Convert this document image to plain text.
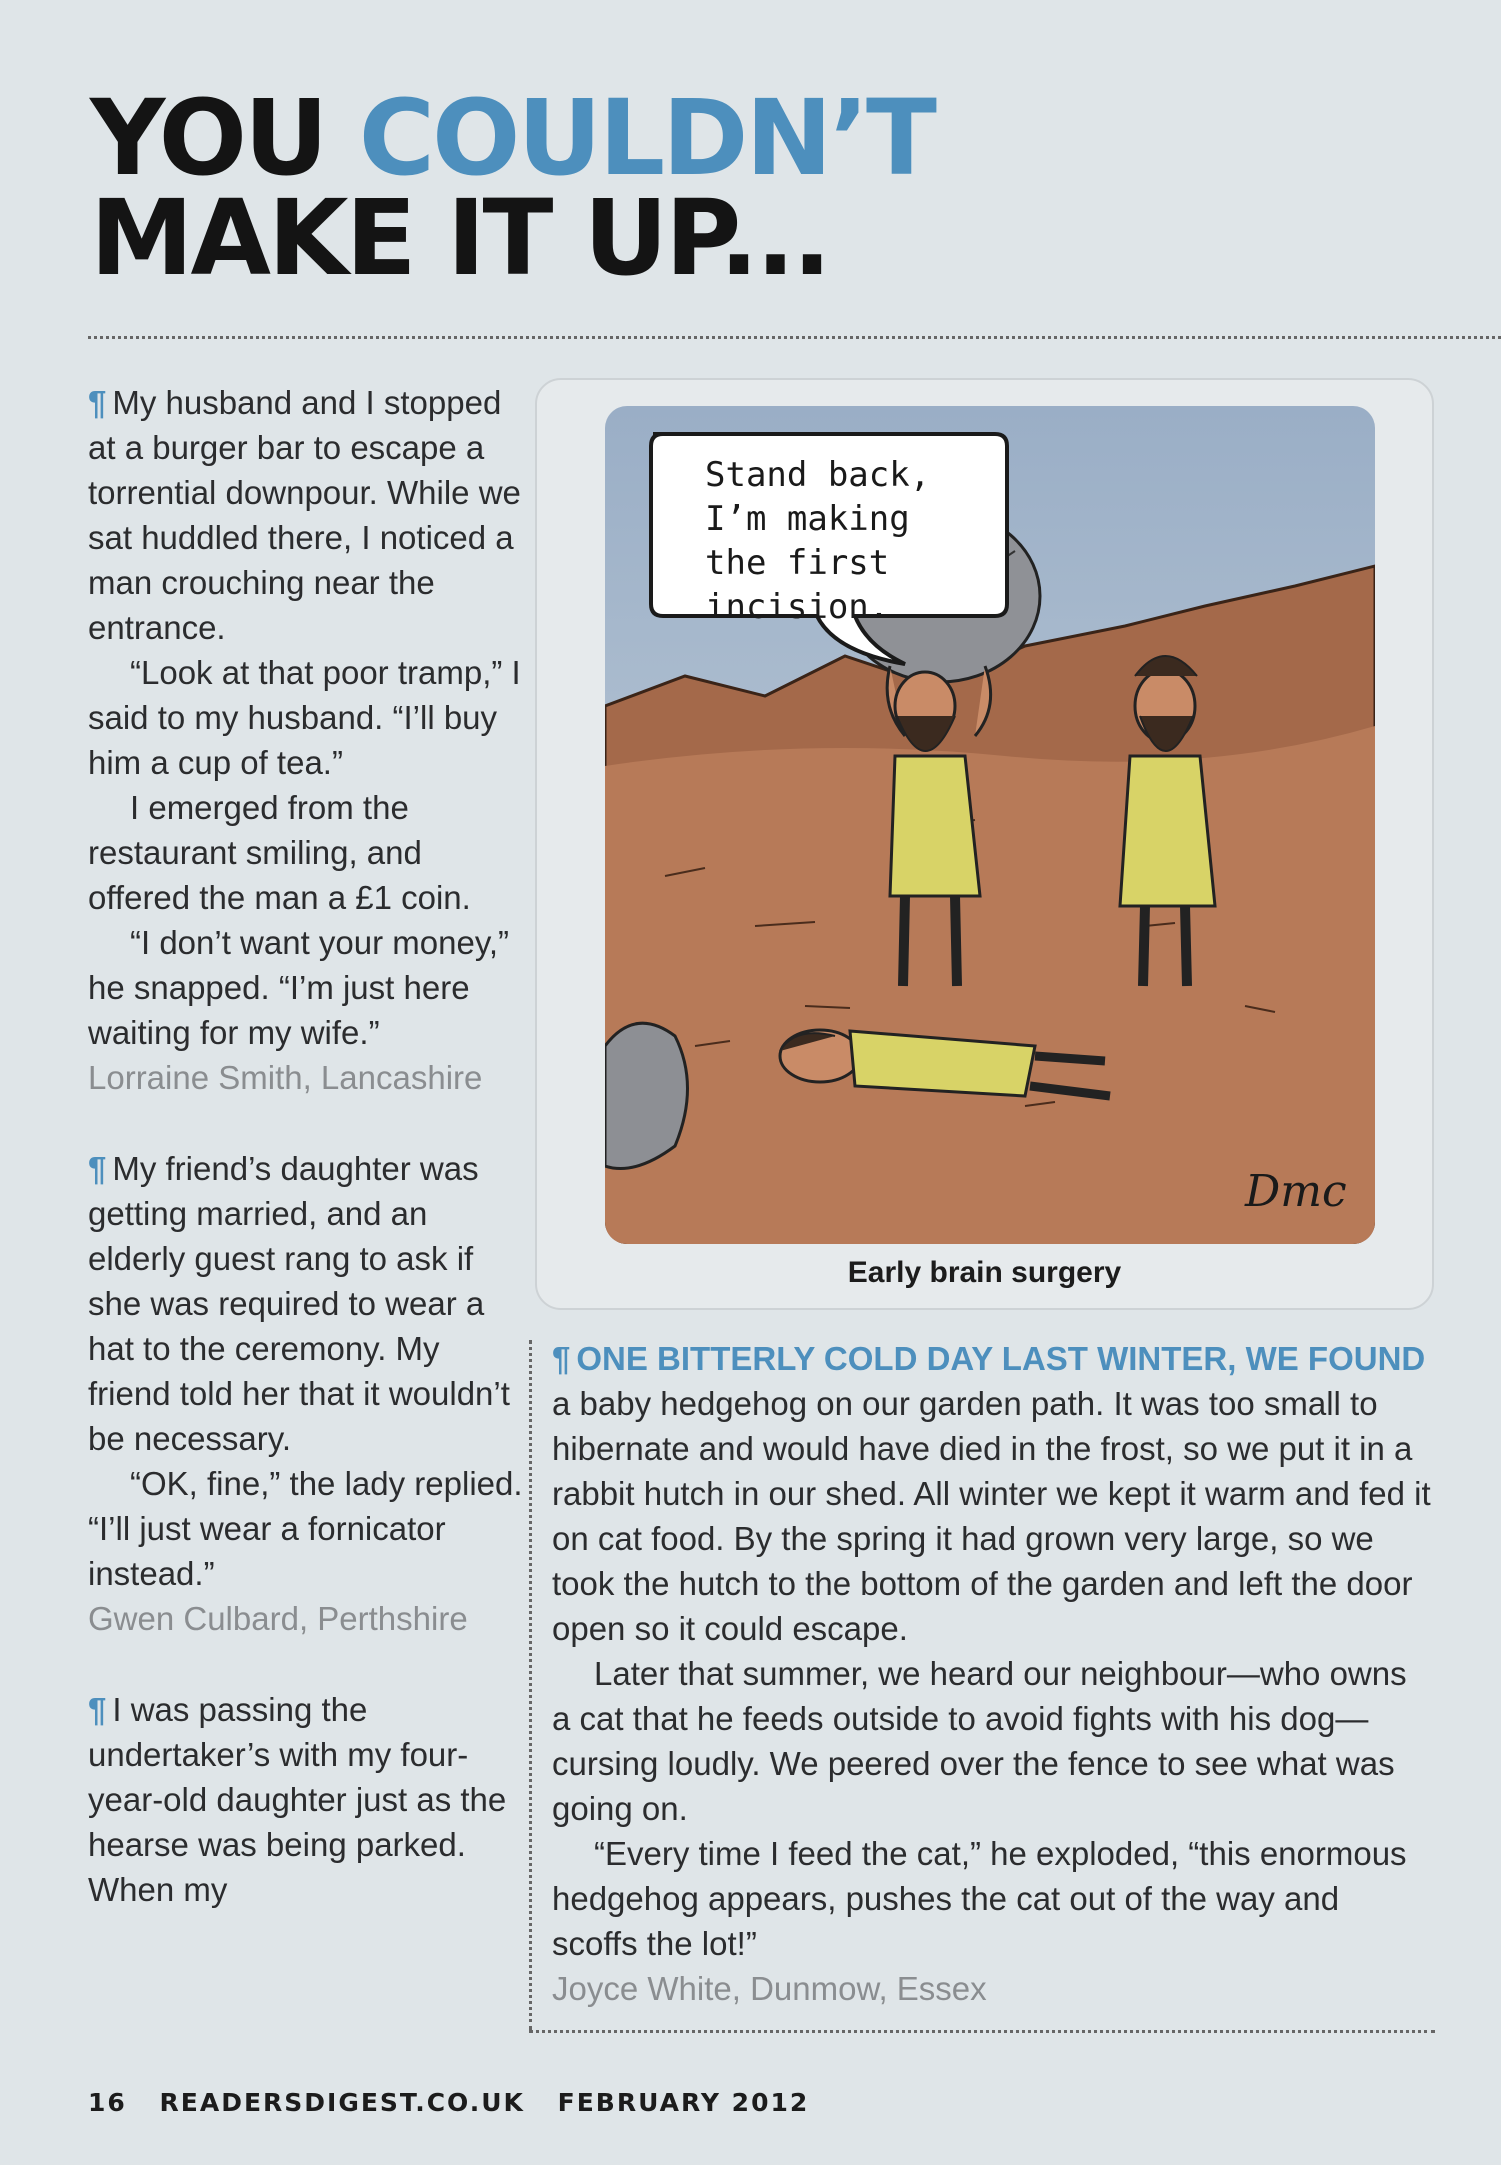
YOU COULDN’T
MAKE IT UP...

¶ My husband and I stopped at a burger bar to escape a torrential downpour. While we sat huddled there, I noticed a man crouching near the entrance.

“Look at that poor tramp,” I said to my husband. “I’ll buy him a cup of tea.”

I emerged from the restaurant smiling, and offered the man a £1 coin.

“I don’t want your money,” he snapped. “I’m just here waiting for my wife.”

Lorraine Smith, Lancashire

¶ My friend’s daughter was getting married, and an elderly guest rang to ask if she was required to wear a hat to the ceremony. My friend told her that it wouldn’t be necessary.

“OK, fine,” the lady replied. “I’ll just wear a fornicator instead.”

Gwen Culbard, Perthshire

¶ I was passing the undertaker’s with my four-year-old daughter just as the hearse was being parked. When my

Stand back,
I’m making
the first
incision.
Dmc
Early brain surgery

¶ ONE BITTERLY COLD DAY LAST WINTER, WE FOUND
a baby hedgehog on our garden path. It was too small to hibernate and would have died in the frost, so we put it in a rabbit hutch in our shed. All winter we kept it warm and fed it on cat food. By the spring it had grown very large, so we took the hutch to the bottom of the garden and left the door open so it could escape.

Later that summer, we heard our neighbour—who owns a cat that he feeds outside to avoid fights with his dog—cursing loudly. We peered over the fence to see what was going on.

“Every time I feed the cat,” he exploded, “this enormous hedgehog appears, pushes the cat out of the way and scoffs the lot!”

Joyce White, Dunmow, Essex

16 READERSDIGEST.CO.UK FEBRUARY 2012
